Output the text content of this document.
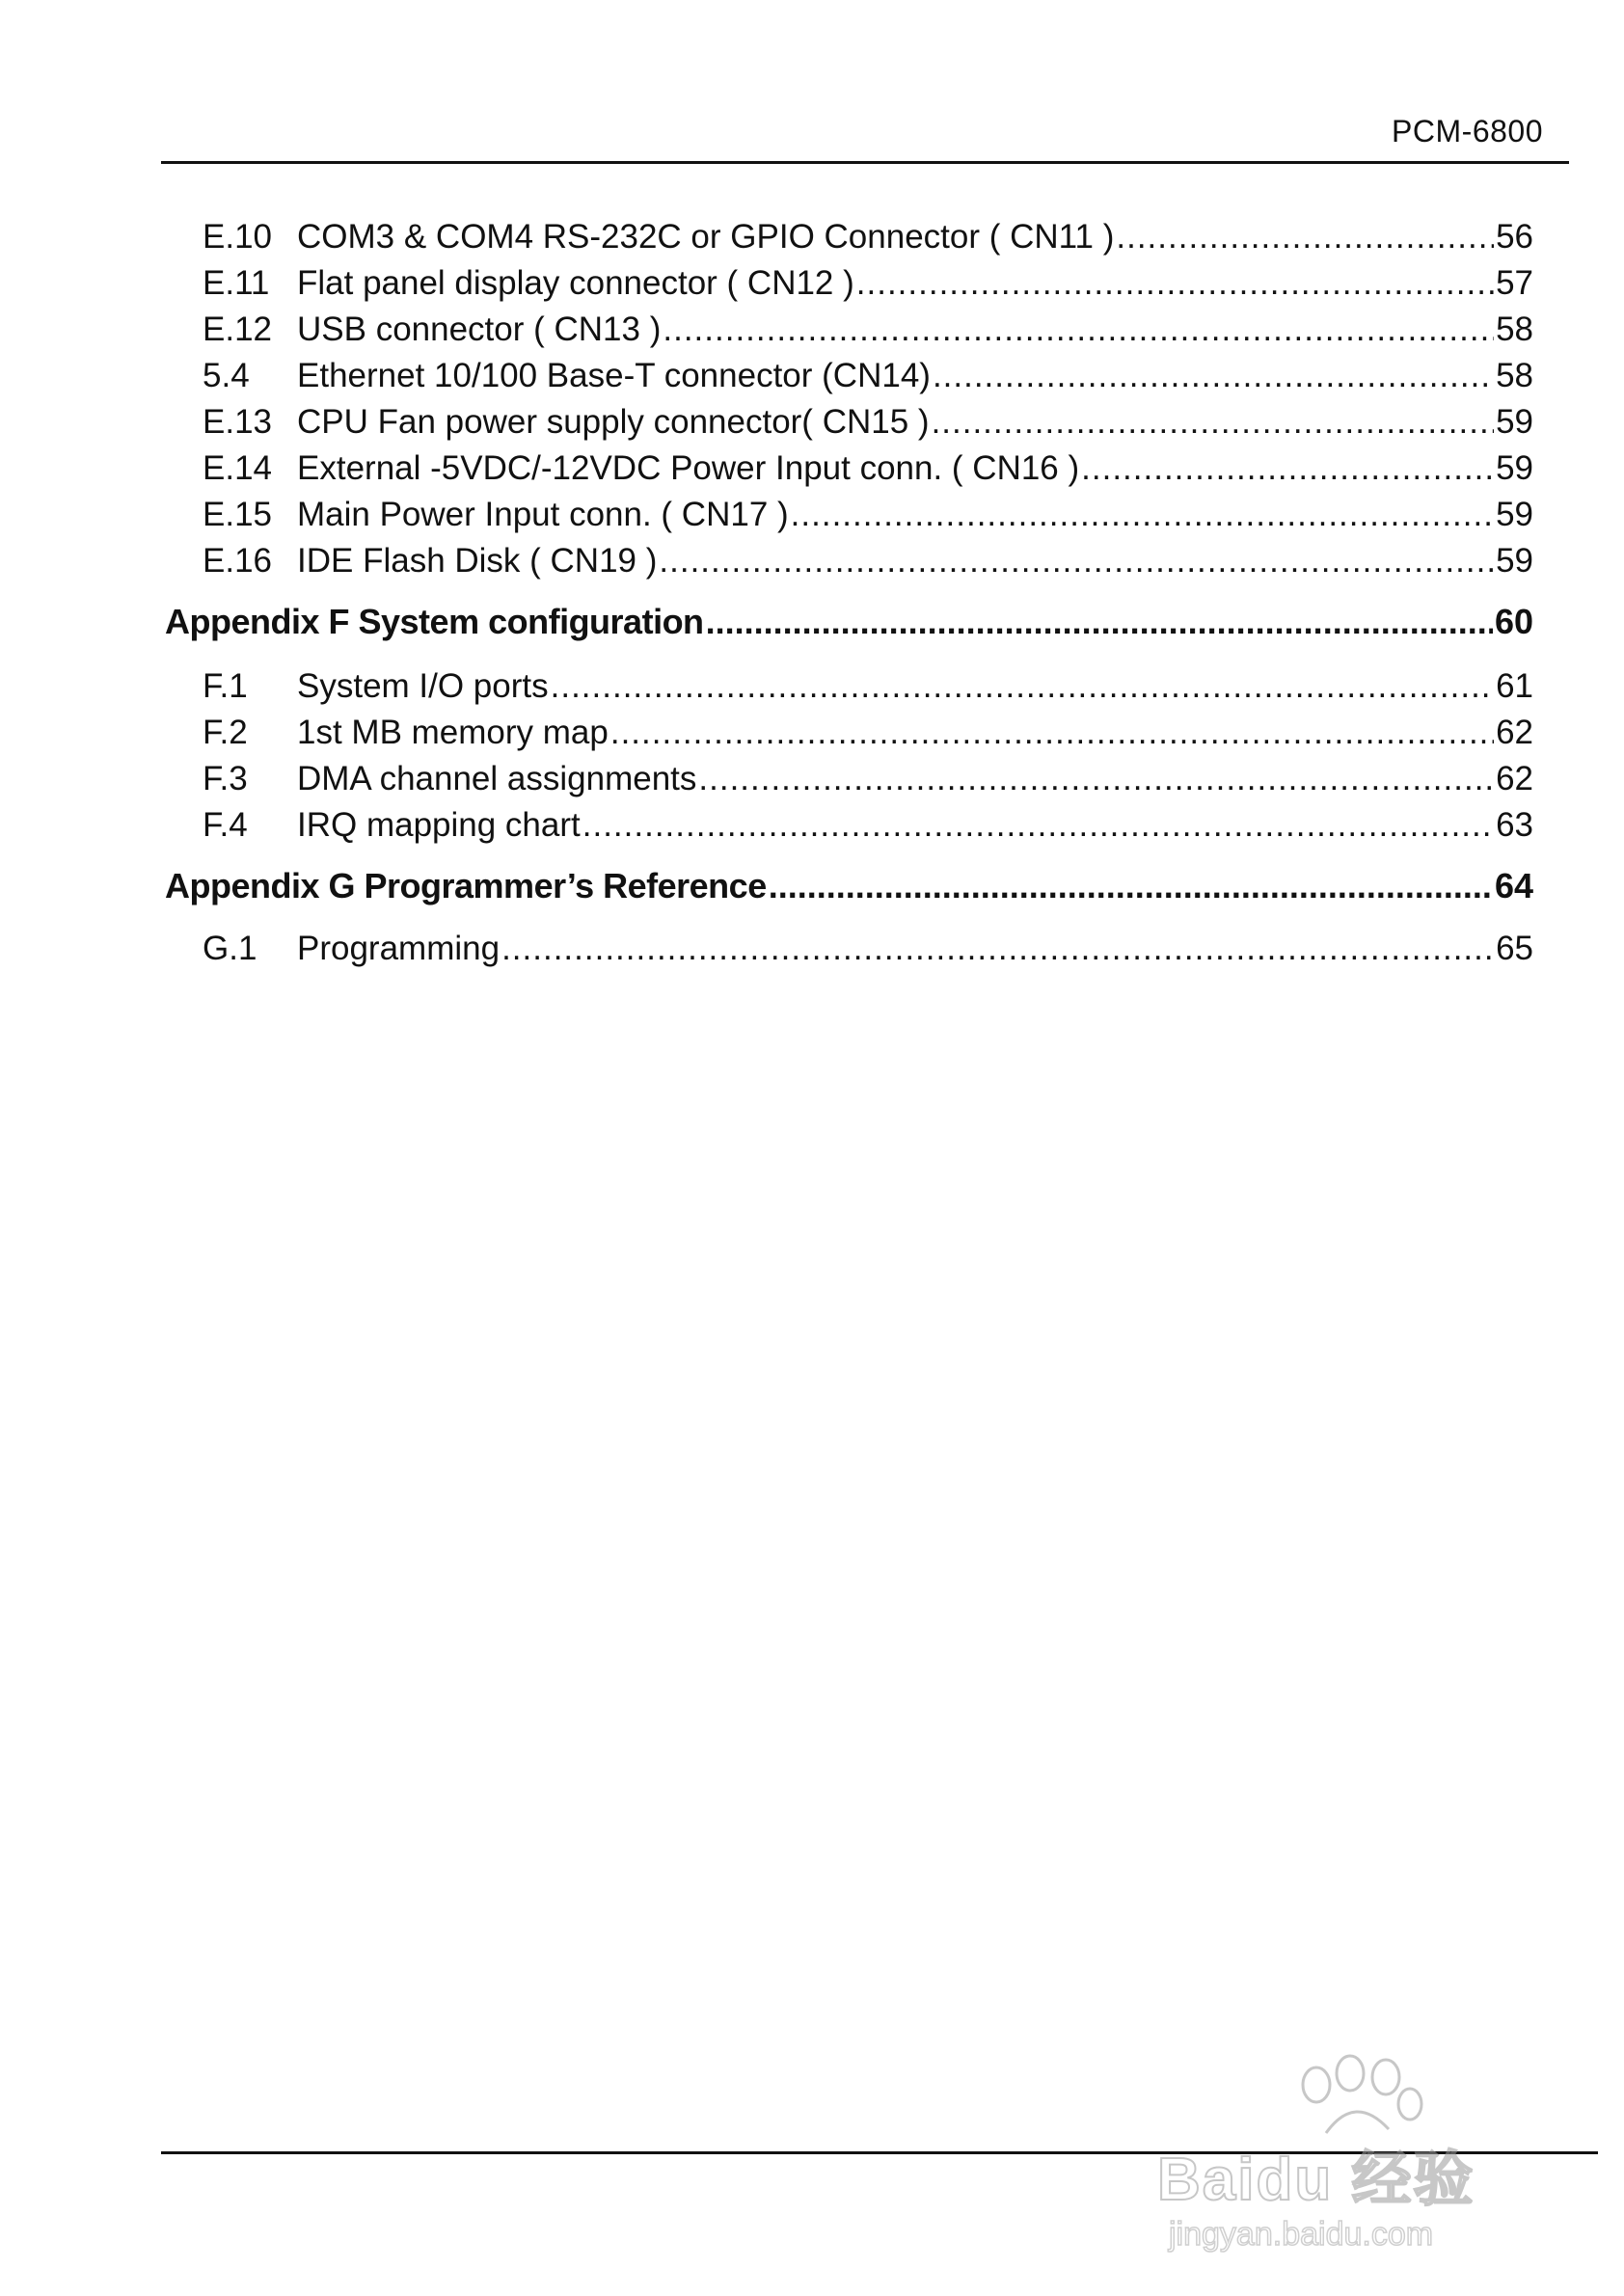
PCM-6800
E.10 COM3 & COM4 RS-232C or GPIO Connector ( CN11 ) .....	56
E.11 Flat panel display connector ( CN12 ) .....	57
E.12 USB connector ( CN13 ) .....	58
5.4	Ethernet 10/100 Base-T connector (CN14) .....	58
E.13 CPU Fan power supply connector( CN15 ) .....	59
E.14 External -5VDC/-12VDC Power Input conn. ( CN16 ) .....	59
E.15 Main Power Input conn. ( CN17 ) .....	59
E.16 IDE Flash Disk ( CN19 ) .....	59
Appendix F System configuration .....	60
F.1	System I/O ports .....	61
F.2	1st MB memory map .....	62
F.3	DMA channel assignments .....	62
F.4	IRQ mapping chart .....	63
Appendix G Programmer’s Reference .....	64
G.1	Programming .....	65
Baidu 经验
jingyan.baidu.com
